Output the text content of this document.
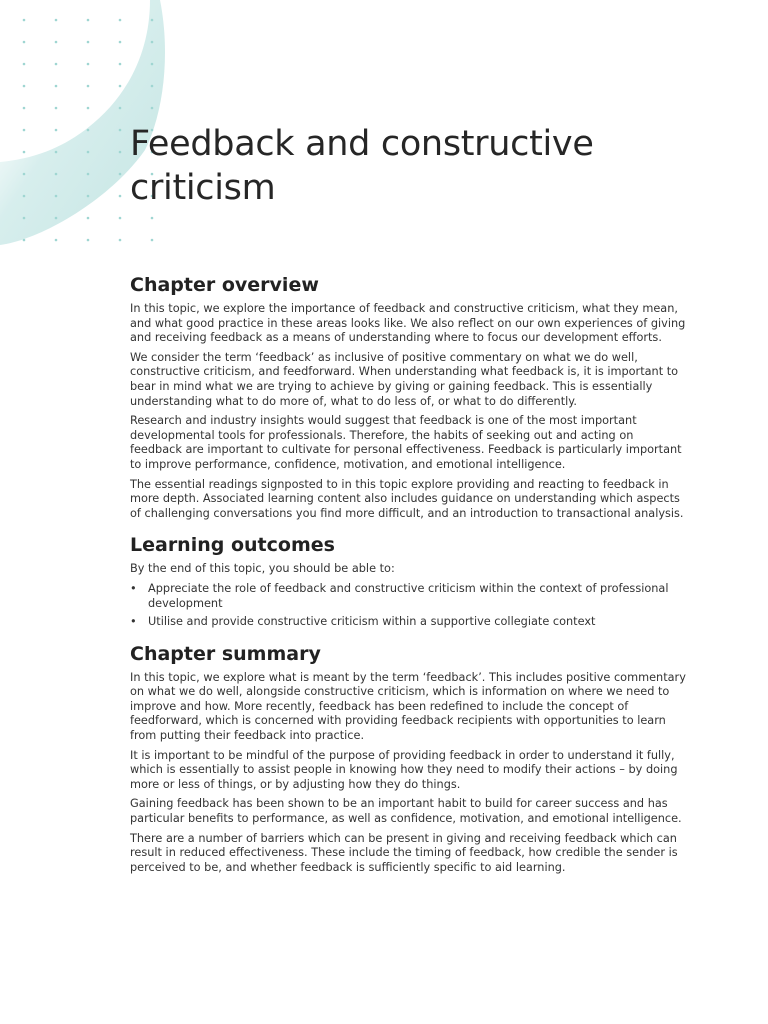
Feedback and constructive criticism
Chapter overview

In this topic, we explore the importance of feedback and constructive criticism, what they mean, and what good practice in these areas looks like. We also reflect on our own experiences of giving and receiving feedback as a means of understanding where to focus our development efforts.

We consider the term ‘feedback’ as inclusive of positive commentary on what we do well, constructive criticism, and feedforward. When understanding what feedback is, it is important to bear in mind what we are trying to achieve by giving or gaining feedback. This is essentially understanding what to do more of, what to do less of, or what to do differently.

Research and industry insights would suggest that feedback is one of the most important developmental tools for professionals. Therefore, the habits of seeking out and acting on feedback are important to cultivate for personal effectiveness. Feedback is particularly important to improve performance, confidence, motivation, and emotional intelligence.

The essential readings signposted to in this topic explore providing and reacting to feedback in more depth. Associated learning content also includes guidance on understanding which aspects of challenging conversations you find more difficult, and an introduction to transactional analysis.

Learning outcomes

By the end of this topic, you should be able to:

• Appreciate the role of feedback and constructive criticism within the context of professional development
• Utilise and provide constructive criticism within a supportive collegiate context
Chapter summary

In this topic, we explore what is meant by the term ‘feedback’. This includes positive commentary on what we do well, alongside constructive criticism, which is information on where we need to improve and how. More recently, feedback has been redefined to include the concept of feedforward, which is concerned with providing feedback recipients with opportunities to learn from putting their feedback into practice.

It is important to be mindful of the purpose of providing feedback in order to understand it fully, which is essentially to assist people in knowing how they need to modify their actions – by doing more or less of things, or by adjusting how they do things.

Gaining feedback has been shown to be an important habit to build for career success and has particular benefits to performance, as well as confidence, motivation, and emotional intelligence.

There are a number of barriers which can be present in giving and receiving feedback which can result in reduced effectiveness. These include the timing of feedback, how credible the sender is perceived to be, and whether feedback is sufficiently specific to aid learning.
